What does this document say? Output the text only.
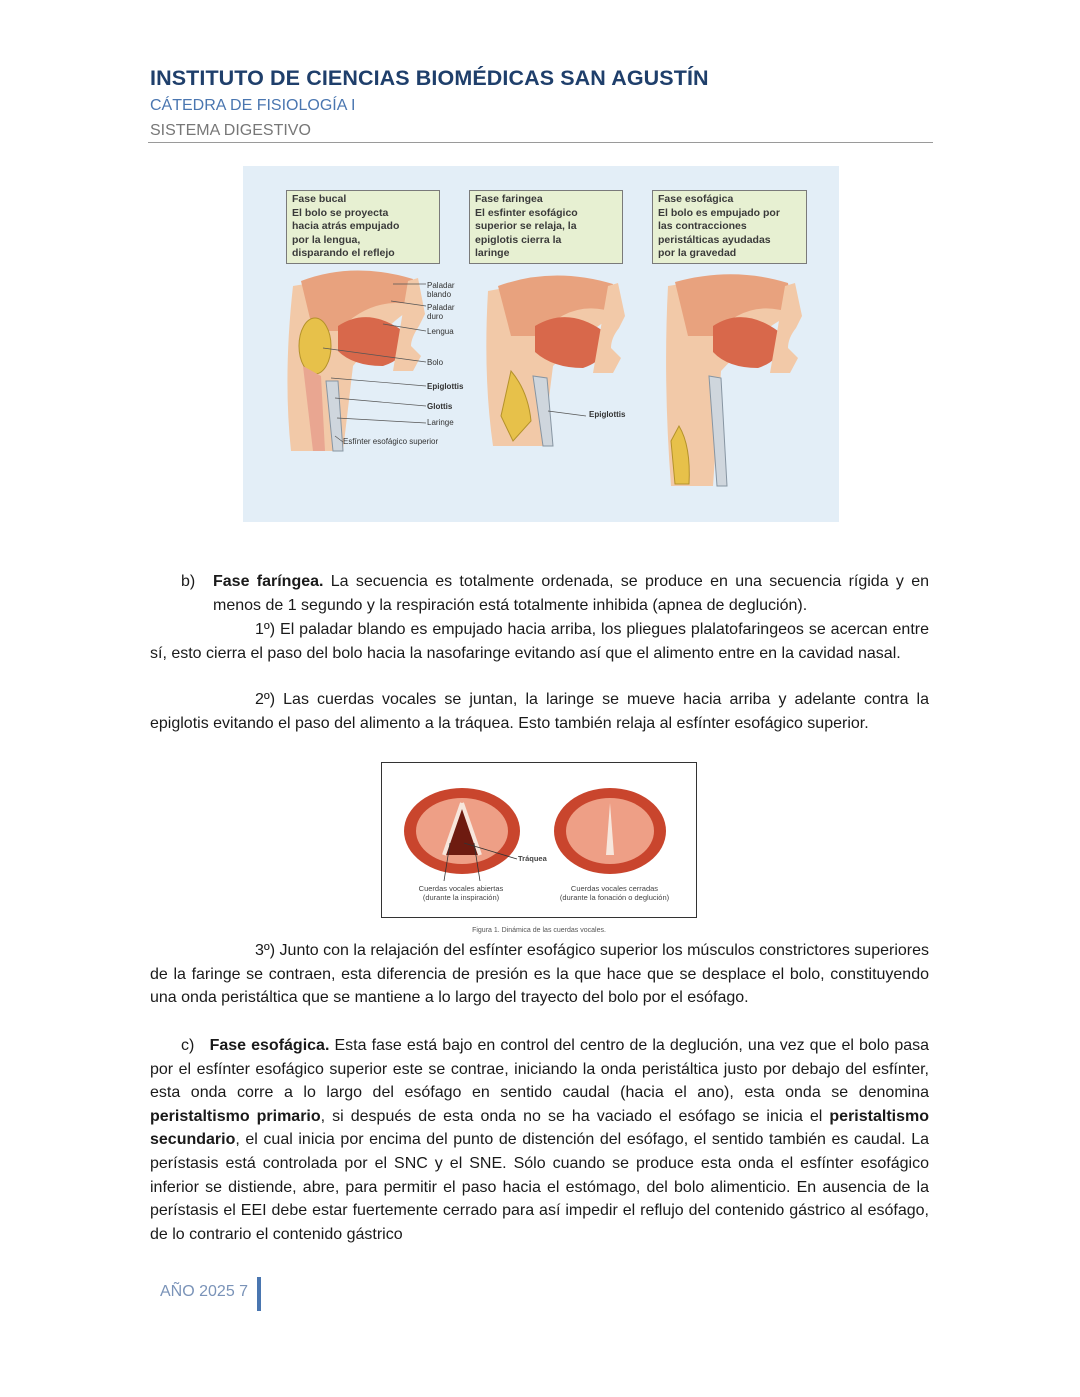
INSTITUTO DE CIENCIAS BIOMÉDICAS SAN AGUSTÍN
CÁTEDRA DE FISIOLOGÍA I
SISTEMA DIGESTIVO
Fase bucal
El bolo se proyecta
hacia atrás empujado
por la lengua,
disparando el reflejo
Fase faringea
El esfinter esofágico
superior se relaja, la
epiglotis cierra la
laringe
Fase esofágica
El bolo es empujado por
las contracciones
peristálticas ayudadas
por la gravedad
Paladar
blando
Paladar
duro
Lengua
Bolo
Epiglottis
Glottis
Laringe
Esfínter esofágico superior
Epiglottis
b) Fase faríngea. La secuencia es totalmente ordenada, se produce en una secuencia rígida y en menos de 1 segundo y la respiración está totalmente inhibida (apnea de deglución).

1º) El paladar blando es empujado hacia arriba, los pliegues plalatofaringeos se acercan entre sí, esto cierra el paso del bolo hacia la nasofaringe evitando así que el alimento entre en la cavidad nasal.

2º) Las cuerdas vocales se juntan, la laringe se mueve hacia arriba y adelante contra la epiglotis evitando el paso del alimento a la tráquea. Esto también relaja al esfínter esofágico superior.

Tráquea
Cuerdas vocales abiertas
(durante la inspiración)
Cuerdas vocales cerradas
(durante la fonación o deglución)
Figura 1. Dinámica de las cuerdas vocales.

3º) Junto con la relajación del esfínter esofágico superior los músculos constrictores superiores de la faringe se contraen, esta diferencia de presión es la que hace que se desplace el bolo, constituyendo una onda peristáltica que se mantiene a lo largo del trayecto del bolo por el esófago.

c) Fase esofágica. Esta fase está bajo en control del centro de la deglución, una vez que el bolo pasa por el esfínter esofágico superior este se contrae, iniciando la onda peristáltica justo por debajo del esfínter, esta onda corre a lo largo del esófago en sentido caudal (hacia el ano), esta onda se denomina peristaltismo primario, si después de esta onda no se ha vaciado el esófago se inicia el peristaltismo secundario, el cual inicia por encima del punto de distención del esófago, el sentido también es caudal. La perístasis está controlada por el SNC y el SNE. Sólo cuando se produce esta onda el esfínter esofágico inferior se distiende, abre, para permitir el paso hacia el estómago, del bolo alimenticio. En ausencia de la perístasis el EEI debe estar fuertemente cerrado para así impedir el reflujo del contenido gástrico al esófago, de lo contrario el contenido gástrico

AÑO 2025 7
